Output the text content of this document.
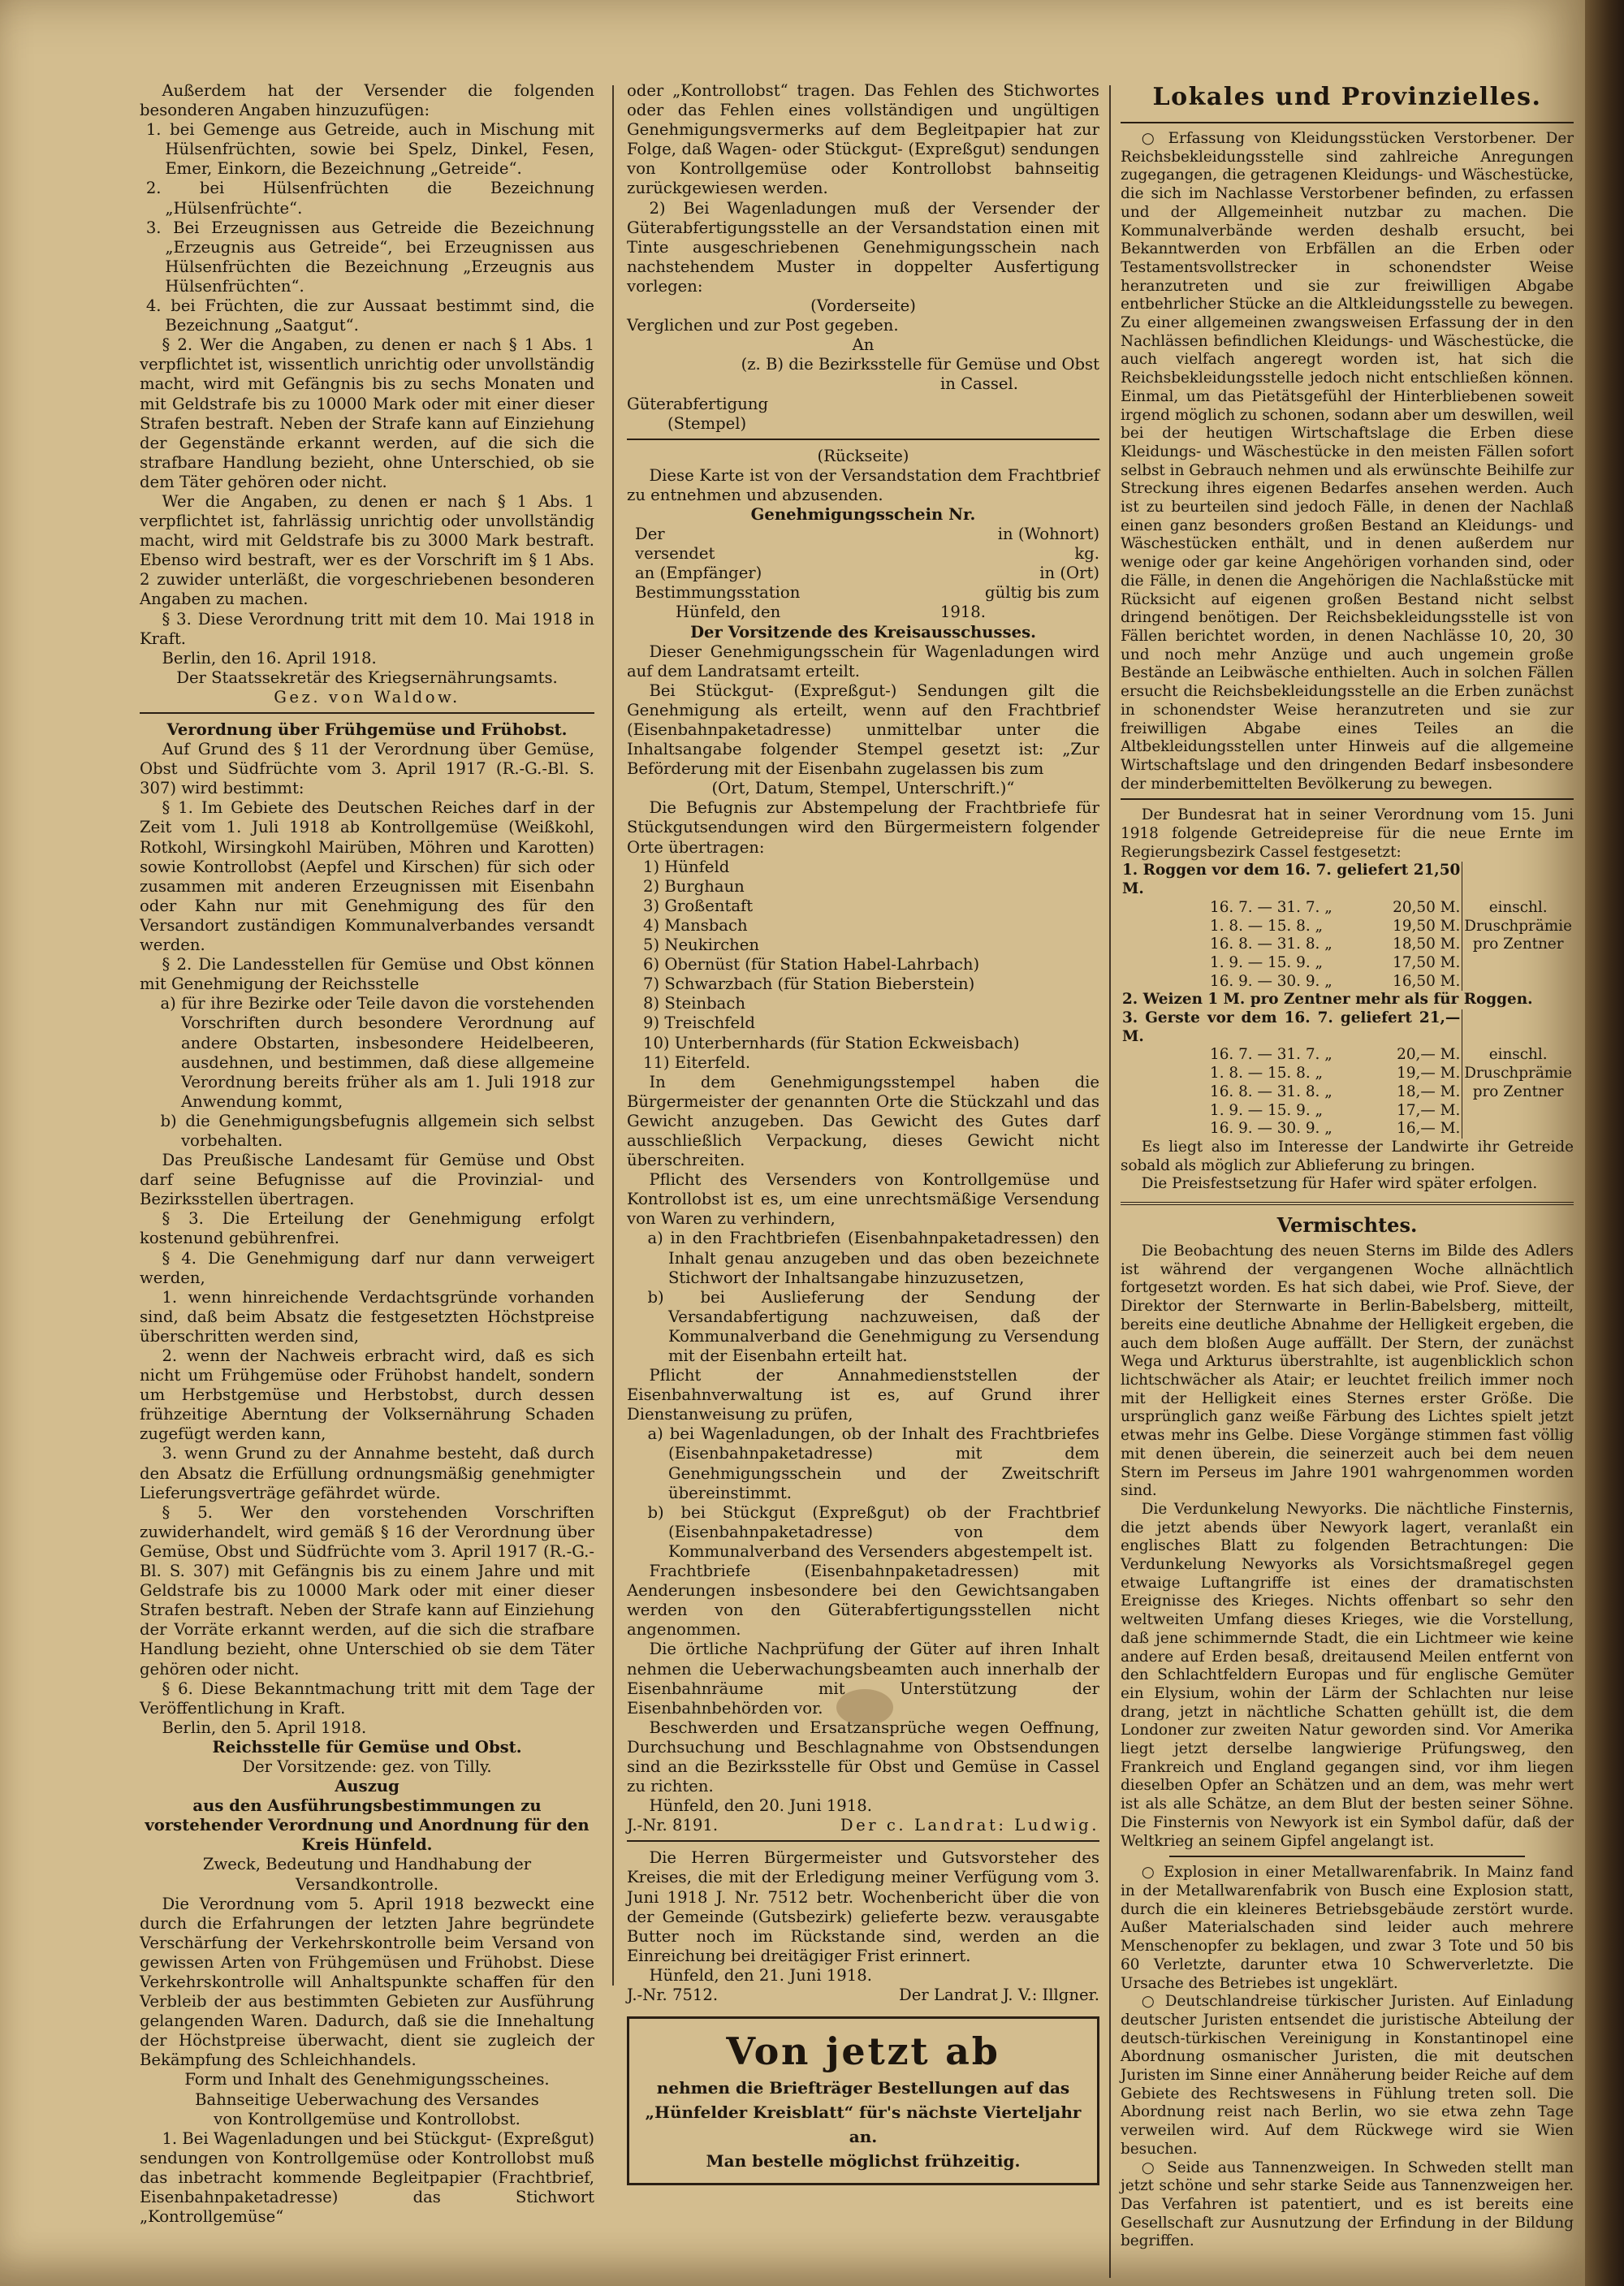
Außerdem hat der Versender die folgenden besonderen Angaben hinzuzufügen:

1. bei Gemenge aus Getreide, auch in Mischung mit Hülsenfrüchten, sowie bei Spelz, Dinkel, Fesen, Emer, Einkorn, die Bezeichnung „Getreide“.

2. bei Hülsenfrüchten die Bezeichnung „Hülsenfrüchte“.

3. Bei Erzeugnissen aus Getreide die Bezeichnung „Erzeugnis aus Getreide“, bei Erzeugnissen aus Hülsenfrüchten die Bezeichnung „Erzeugnis aus Hülsenfrüchten“.

4. bei Früchten, die zur Aussaat bestimmt sind, die Bezeichnung „Saatgut“.

§ 2. Wer die Angaben, zu denen er nach § 1 Abs. 1 verpflichtet ist, wissentlich unrichtig oder unvollständig macht, wird mit Gefängnis bis zu sechs Monaten und mit Geldstrafe bis zu 10000 Mark oder mit einer dieser Strafen bestraft. Neben der Strafe kann auf Einziehung der Gegenstände erkannt werden, auf die sich die strafbare Handlung bezieht, ohne Unterschied, ob sie dem Täter gehören oder nicht.

Wer die Angaben, zu denen er nach § 1 Abs. 1 verpflichtet ist, fahrlässig unrichtig oder unvollständig macht, wird mit Geldstrafe bis zu 3000 Mark bestraft. Ebenso wird bestraft, wer es der Vorschrift im § 1 Abs. 2 zuwider unterläßt, die vorgeschriebenen besonderen Angaben zu machen.

§ 3. Diese Verordnung tritt mit dem 10. Mai 1918 in Kraft.

Berlin, den 16. April 1918.

Der Staatssekretär des Kriegsernährungsamts.

Gez. von Waldow.

Verordnung über Frühgemüse und Frühobst.

Auf Grund des § 11 der Verordnung über Gemüse, Obst und Südfrüchte vom 3. April 1917 (R.-G.-Bl. S. 307) wird bestimmt:

§ 1. Im Gebiete des Deutschen Reiches darf in der Zeit vom 1. Juli 1918 ab Kontrollgemüse (Weißkohl, Rotkohl, Wirsingkohl Mairüben, Möhren und Karotten) sowie Kontrollobst (Aepfel und Kirschen) für sich oder zusammen mit anderen Erzeugnissen mit Eisenbahn oder Kahn nur mit Genehmigung des für den Versandort zuständigen Kommunalverbandes versandt werden.

§ 2. Die Landesstellen für Gemüse und Obst können mit Genehmigung der Reichsstelle

a) für ihre Bezirke oder Teile davon die vorstehenden Vorschriften durch besondere Verordnung auf andere Obstarten, insbesondere Heidelbeeren, ausdehnen, und bestimmen, daß diese allgemeine Verordnung bereits früher als am 1. Juli 1918 zur Anwendung kommt,

b) die Genehmigungsbefugnis allgemein sich selbst vorbehalten.

Das Preußische Landesamt für Gemüse und Obst darf seine Befugnisse auf die Provinzial- und Bezirksstellen übertragen.

§ 3. Die Erteilung der Genehmigung erfolgt kostenund gebührenfrei.

§ 4. Die Genehmigung darf nur dann verweigert werden,

1. wenn hinreichende Verdachtsgründe vorhanden sind, daß beim Absatz die festgesetzten Höchstpreise überschritten werden sind,

2. wenn der Nachweis erbracht wird, daß es sich nicht um Frühgemüse oder Frühobst handelt, sondern um Herbstgemüse und Herbstobst, durch dessen frühzeitige Aberntung der Volksernährung Schaden zugefügt werden kann,

3. wenn Grund zu der Annahme besteht, daß durch den Absatz die Erfüllung ordnungsmäßig genehmigter Lieferungsverträge gefährdet würde.

§ 5. Wer den vorstehenden Vorschriften zuwiderhandelt, wird gemäß § 16 der Verordnung über Gemüse, Obst und Südfrüchte vom 3. April 1917 (R.-G.-Bl. S. 307) mit Gefängnis bis zu einem Jahre und mit Geldstrafe bis zu 10000 Mark oder mit einer dieser Strafen bestraft. Neben der Strafe kann auf Einziehung der Vorräte erkannt werden, auf die sich die strafbare Handlung bezieht, ohne Unterschied ob sie dem Täter gehören oder nicht.

§ 6. Diese Bekanntmachung tritt mit dem Tage der Veröffentlichung in Kraft.

Berlin, den 5. April 1918.

Reichsstelle für Gemüse und Obst.

Der Vorsitzende: gez. von Tilly.

Auszug

aus den Ausführungsbestimmungen zu vorstehender Verordnung und Anordnung für den Kreis Hünfeld.

Zweck, Bedeutung und Handhabung der Versandkontrolle.

Die Verordnung vom 5. April 1918 bezweckt eine durch die Erfahrungen der letzten Jahre begründete Verschärfung der Verkehrskontrolle beim Versand von gewissen Arten von Frühgemüsen und Frühobst. Diese Verkehrskontrolle will Anhaltspunkte schaffen für den Verbleib der aus bestimmten Gebieten zur Ausführung gelangenden Waren. Dadurch, daß sie die Innehaltung der Höchstpreise überwacht, dient sie zugleich der Bekämpfung des Schleichhandels.

Form und Inhalt des Genehmigungsscheines.

Bahnseitige Ueberwachung des Versandes

von Kontrollgemüse und Kontrollobst.

1. Bei Wagenladungen und bei Stückgut- (Expreßgut) sendungen von Kontrollgemüse oder Kontrollobst muß das inbetracht kommende Begleitpapier (Frachtbrief, Eisenbahnpaketadresse) das Stichwort „Kontrollgemüse“

oder „Kontrollobst“ tragen. Das Fehlen des Stichwortes oder das Fehlen eines vollständigen und ungültigen Genehmigungsvermerks auf dem Begleitpapier hat zur Folge, daß Wagen- oder Stückgut- (Expreßgut) sendungen von Kontrollgemüse oder Kontrollobst bahnseitig zurückgewiesen werden.

2) Bei Wagenladungen muß der Versender der Güterabfertigungsstelle an der Versandstation einen mit Tinte ausgeschriebenen Genehmigungsschein nach nachstehendem Muster in doppelter Ausfertigung vorlegen:

(Vorderseite)

Verglichen und zur Post gegeben.

An

(z. B) die Bezirksstelle für Gemüse und Obst

in Cassel.

Güterabfertigung

(Stempel)

(Rückseite)

Diese Karte ist von der Versandstation dem Frachtbrief zu entnehmen und abzusenden.

Genehmigungsschein Nr.

Der	in (Wohnort)
versendet	kg.
an (Empfänger)	in (Ort)
Bestimmungsstation	gültig bis zum
Hünfeld, den	1918.

Der Vorsitzende des Kreisausschusses.

Dieser Genehmigungsschein für Wagenladungen wird auf dem Landratsamt erteilt.

Bei Stückgut- (Expreßgut-) Sendungen gilt die Genehmigung als erteilt, wenn auf den Frachtbrief (Eisenbahnpaketadresse) unmittelbar unter die Inhaltsangabe folgender Stempel gesetzt ist: „Zur Beförderung mit der Eisenbahn zugelassen bis zum

(Ort, Datum, Stempel, Unterschrift.)“

Die Befugnis zur Abstempelung der Frachtbriefe für Stückgutsendungen wird den Bürgermeistern folgender Orte übertragen:

1) Hünfeld

2) Burghaun

3) Großentaft

4) Mansbach

5) Neukirchen

6) Obernüst (für Station Habel-Lahrbach)

7) Schwarzbach (für Station Bieberstein)

8) Steinbach

9) Treischfeld

10) Unterbernhards (für Station Eckweisbach)

11) Eiterfeld.

In dem Genehmigungsstempel haben die Bürgermeister der genannten Orte die Stückzahl und das Gewicht anzugeben. Das Gewicht des Gutes darf ausschließlich Verpackung, dieses Gewicht nicht überschreiten.

Pflicht des Versenders von Kontrollgemüse und Kontrollobst ist es, um eine unrechtsmäßige Versendung von Waren zu verhindern,

a) in den Frachtbriefen (Eisenbahnpaketadressen) den Inhalt genau anzugeben und das oben bezeichnete Stichwort der Inhaltsangabe hinzuzusetzen,

b) bei Auslieferung der Sendung der Versandabfertigung nachzuweisen, daß der Kommunalverband die Genehmigung zu Versendung mit der Eisenbahn erteilt hat.

Pflicht der Annahmedienststellen der Eisenbahnverwaltung ist es, auf Grund ihrer Dienstanweisung zu prüfen,

a) bei Wagenladungen, ob der Inhalt des Frachtbriefes (Eisenbahnpaketadresse) mit dem Genehmigungsschein und der Zweitschrift übereinstimmt.

b) bei Stückgut (Expreßgut) ob der Frachtbrief (Eisenbahnpaketadresse) von dem Kommunalverband des Versenders abgestempelt ist.

Frachtbriefe (Eisenbahnpaketadressen) mit Aenderungen insbesondere bei den Gewichtsangaben werden von den Güterabfertigungsstellen nicht angenommen.

Die örtliche Nachprüfung der Güter auf ihren Inhalt nehmen die Ueberwachungsbeamten auch innerhalb der Eisenbahnräume mit Unterstützung der Eisenbahnbehörden vor.

Beschwerden und Ersatzansprüche wegen Oeffnung, Durchsuchung und Beschlagnahme von Obstsendungen sind an die Bezirksstelle für Obst und Gemüse in Cassel zu richten.

Hünfeld, den 20. Juni 1918.

J.-Nr. 8191.	Der c. Landrat: Ludwig.

Die Herren Bürgermeister und Gutsvorsteher des Kreises, die mit der Erledigung meiner Verfügung vom 3. Juni 1918 J. Nr. 7512 betr. Wochenbericht über die von der Gemeinde (Gutsbezirk) gelieferte bezw. verausgabte Butter noch im Rückstande sind, werden an die Einreichung bei dreitägiger Frist erinnert.

Hünfeld, den 21. Juni 1918.

J.-Nr. 7512.	Der Landrat J. V.: Illgner.
Von jetzt ab
nehmen die Briefträger Bestellungen auf das
„Hünfelder Kreisblatt“ für's nächste Vierteljahr an.
Man bestelle möglichst frühzeitig.
Lokales und Provinzielles.

○ Erfassung von Kleidungsstücken Verstorbener. Der Reichsbekleidungsstelle sind zahlreiche Anregungen zugegangen, die getragenen Kleidungs- und Wäschestücke, die sich im Nachlasse Verstorbener befinden, zu erfassen und der Allgemeinheit nutzbar zu machen. Die Kommunalverbände werden deshalb ersucht, bei Bekanntwerden von Erbfällen an die Erben oder Testamentsvollstrecker in schonendster Weise heranzutreten und sie zur freiwilligen Abgabe entbehrlicher Stücke an die Altkleidungsstelle zu bewegen. Zu einer allgemeinen zwangsweisen Erfassung der in den Nachlässen befindlichen Kleidungs- und Wäschestücke, die auch vielfach angeregt worden ist, hat sich die Reichsbekleidungsstelle jedoch nicht entschließen können. Einmal, um das Pietätsgefühl der Hinterbliebenen soweit irgend möglich zu schonen, sodann aber um deswillen, weil bei der heutigen Wirtschaftslage die Erben diese Kleidungs- und Wäschestücke in den meisten Fällen sofort selbst in Gebrauch nehmen und als erwünschte Beihilfe zur Streckung ihres eigenen Bedarfes ansehen werden. Auch ist zu beurteilen sind jedoch Fälle, in denen der Nachlaß einen ganz besonders großen Bestand an Kleidungs- und Wäschestücken enthält, und in denen außerdem nur wenige oder gar keine Angehörigen vorhanden sind, oder die Fälle, in denen die Angehörigen die Nachlaßstücke mit Rücksicht auf eigenen großen Bestand nicht selbst dringend benötigen. Der Reichsbekleidungsstelle ist von Fällen berichtet worden, in denen Nachlässe 10, 20, 30 und noch mehr Anzüge und auch ungemein große Bestände an Leibwäsche enthielten. Auch in solchen Fällen ersucht die Reichsbekleidungsstelle an die Erben zunächst in schonendster Weise heranzutreten und sie zur freiwilligen Abgabe eines Teiles an die Altbekleidungsstellen unter Hinweis auf die allgemeine Wirtschaftslage und den dringenden Bedarf insbesondere der minderbemittelten Bevölkerung zu bewegen.

Der Bundesrat hat in seiner Verordnung vom 15. Juni 1918 folgende Getreidepreise für die neue Ernte im Regierungsbezirk Cassel festgesetzt:

1. Roggen vor dem 16. 7. geliefert 21,50 M.		einschl. Druschprämie pro Zentner
16. 7. — 31. 7. „	20,50 M.	
1. 8. — 15. 8. „	19,50 M.	
16. 8. — 31. 8. „	18,50 M.	
1. 9. — 15. 9. „	17,50 M.	
16. 9. — 30. 9. „	16,50 M.	
2. Weizen 1 M. pro Zentner mehr als für Roggen.		
3. Gerste vor dem 16. 7. geliefert 21,— M.		einschl. Druschprämie pro Zentner
16. 7. — 31. 7. „	20,— M.	
1. 8. — 15. 8. „	19,— M.	
16. 8. — 31. 8. „	18,— M.	
1. 9. — 15. 9. „	17,— M.	
16. 9. — 30. 9. „	16,— M.	

Es liegt also im Interesse der Landwirte ihr Getreide sobald als möglich zur Ablieferung zu bringen.

Die Preisfestsetzung für Hafer wird später erfolgen.

Vermischtes.

Die Beobachtung des neuen Sterns im Bilde des Adlers ist während der vergangenen Woche allnächtlich fortgesetzt worden. Es hat sich dabei, wie Prof. Sieve, der Direktor der Sternwarte in Berlin-Babelsberg, mitteilt, bereits eine deutliche Abnahme der Helligkeit ergeben, die auch dem bloßen Auge auffällt. Der Stern, der zunächst Wega und Arkturus überstrahlte, ist augenblicklich schon lichtschwächer als Atair; er leuchtet freilich immer noch mit der Helligkeit eines Sternes erster Größe. Die ursprünglich ganz weiße Färbung des Lichtes spielt jetzt etwas mehr ins Gelbe. Diese Vorgänge stimmen fast völlig mit denen überein, die seinerzeit auch bei dem neuen Stern im Perseus im Jahre 1901 wahrgenommen worden sind.

Die Verdunkelung Newyorks. Die nächtliche Finsternis, die jetzt abends über Newyork lagert, veranlaßt ein englisches Blatt zu folgenden Betrachtungen: Die Verdunkelung Newyorks als Vorsichtsmaßregel gegen etwaige Luftangriffe ist eines der dramatischsten Ereignisse des Krieges. Nichts offenbart so sehr den weltweiten Umfang dieses Krieges, wie die Vorstellung, daß jene schimmernde Stadt, die ein Lichtmeer wie keine andere auf Erden besaß, dreitausend Meilen entfernt von den Schlachtfeldern Europas und für englische Gemüter ein Elysium, wohin der Lärm der Schlachten nur leise drang, jetzt in nächtliche Schatten gehüllt ist, die dem Londoner zur zweiten Natur geworden sind. Vor Amerika liegt jetzt derselbe langwierige Prüfungsweg, den Frankreich und England gegangen sind, vor ihm liegen dieselben Opfer an Schätzen und an dem, was mehr wert ist als alle Schätze, an dem Blut der besten seiner Söhne. Die Finsternis von Newyork ist ein Symbol dafür, daß der Weltkrieg an seinem Gipfel angelangt ist.

○ Explosion in einer Metallwarenfabrik. In Mainz fand in der Metallwarenfabrik von Busch eine Explosion statt, durch die ein kleineres Betriebsgebäude zerstört wurde. Außer Materialschaden sind leider auch mehrere Menschenopfer zu beklagen, und zwar 3 Tote und 50 bis 60 Verletzte, darunter etwa 10 Schwerverletzte. Die Ursache des Betriebes ist ungeklärt.

○ Deutschlandreise türkischer Juristen. Auf Einladung deutscher Juristen entsendet die juristische Abteilung der deutsch-türkischen Vereinigung in Konstantinopel eine Abordnung osmanischer Juristen, die mit deutschen Juristen im Sinne einer Annäherung beider Reiche auf dem Gebiete des Rechtswesens in Fühlung treten soll. Die Abordnung reist nach Berlin, wo sie etwa zehn Tage verweilen wird. Auf dem Rückwege wird sie Wien besuchen.

○ Seide aus Tannenzweigen. In Schweden stellt man jetzt schöne und sehr starke Seide aus Tannenzweigen her. Das Verfahren ist patentiert, und es ist bereits eine Gesellschaft zur Ausnutzung der Erfindung in der Bildung begriffen.
